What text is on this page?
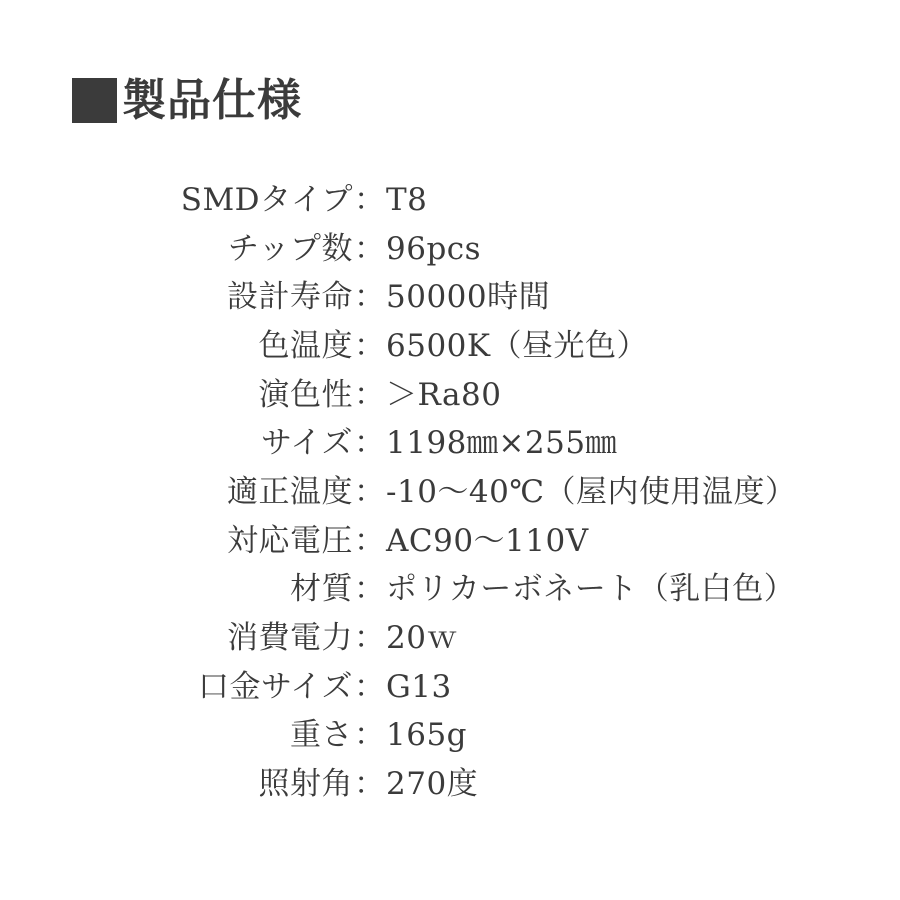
製品仕様
SMDタイプ ： T8
チップ数 ： 96pcs
設計寿命 ： 50000時間
色温度 ： 6500K（昼光色）
演色性 ： ＞Ra80
サイズ ： 1198㎜×255㎜
適正温度 ： -10〜40℃（屋内使用温度）
対応電圧 ： AC90〜110V
材質 ： ポリカーボネート（乳白色）
消費電力 ： 20ｗ
口金サイズ ： G13
重さ ： 165g
照射角 ： 270度
